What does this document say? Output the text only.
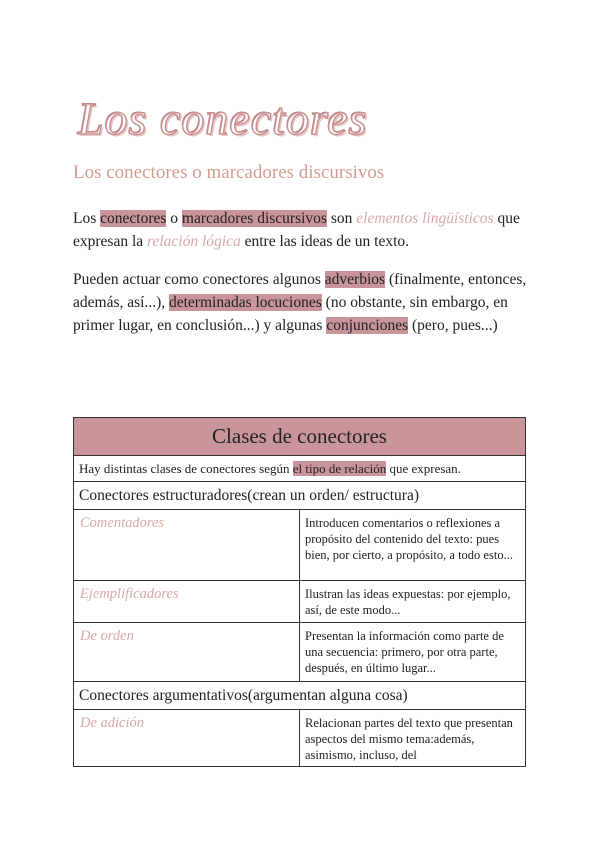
Los conectores
Los conectores o marcadores discursivos
Los conectores o marcadores discursivos son elementos lingüísticos que expresan la relación lógica entre las ideas de un texto.
Pueden actuar como conectores algunos adverbios (finalmente, entonces, además, así...), determinadas locuciones (no obstante, sin embargo, en primer lugar, en conclusión...) y algunas conjunciones (pero, pues...)
Clases de conectores
Hay distintas clases de conectores según el tipo de relación que expresan.
Conectores estructuradores(crean un orden/ estructura)
Comentadores	Introducen comentarios o reflexiones a propósito del contenido del texto: pues bien, por cierto, a propósito, a todo esto...
Ejemplificadores	Ilustran las ideas expuestas: por ejemplo, así, de este modo...
De orden	Presentan la información como parte de una secuencia: primero, por otra parte, después, en último lugar...
Conectores argumentativos(argumentan alguna cosa)
De adición	Relacionan partes del texto que presentan aspectos del mismo tema:además, asimismo, incluso, del
